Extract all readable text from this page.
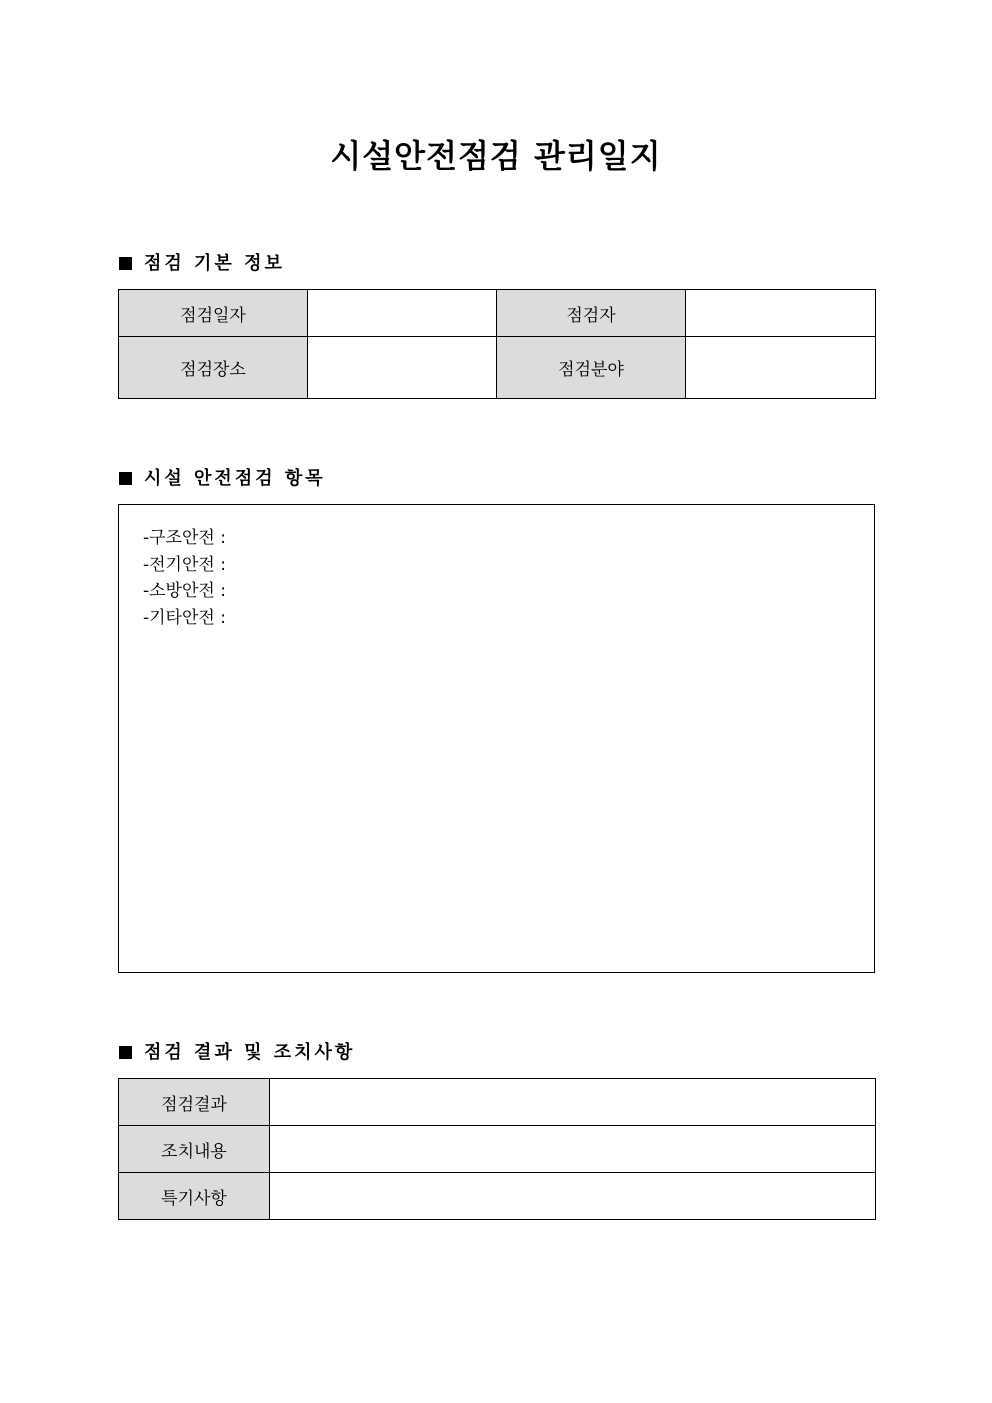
시설안전점검 관리일지
점검 기본 정보
점검일자		점검자	
점검장소		점검분야	
시설 안전점검 항목
-구조안전 :
-전기안전 :
-소방안전 :
-기타안전 :
점검 결과 및 조치사항
점검결과	
조치내용	
특기사항	
